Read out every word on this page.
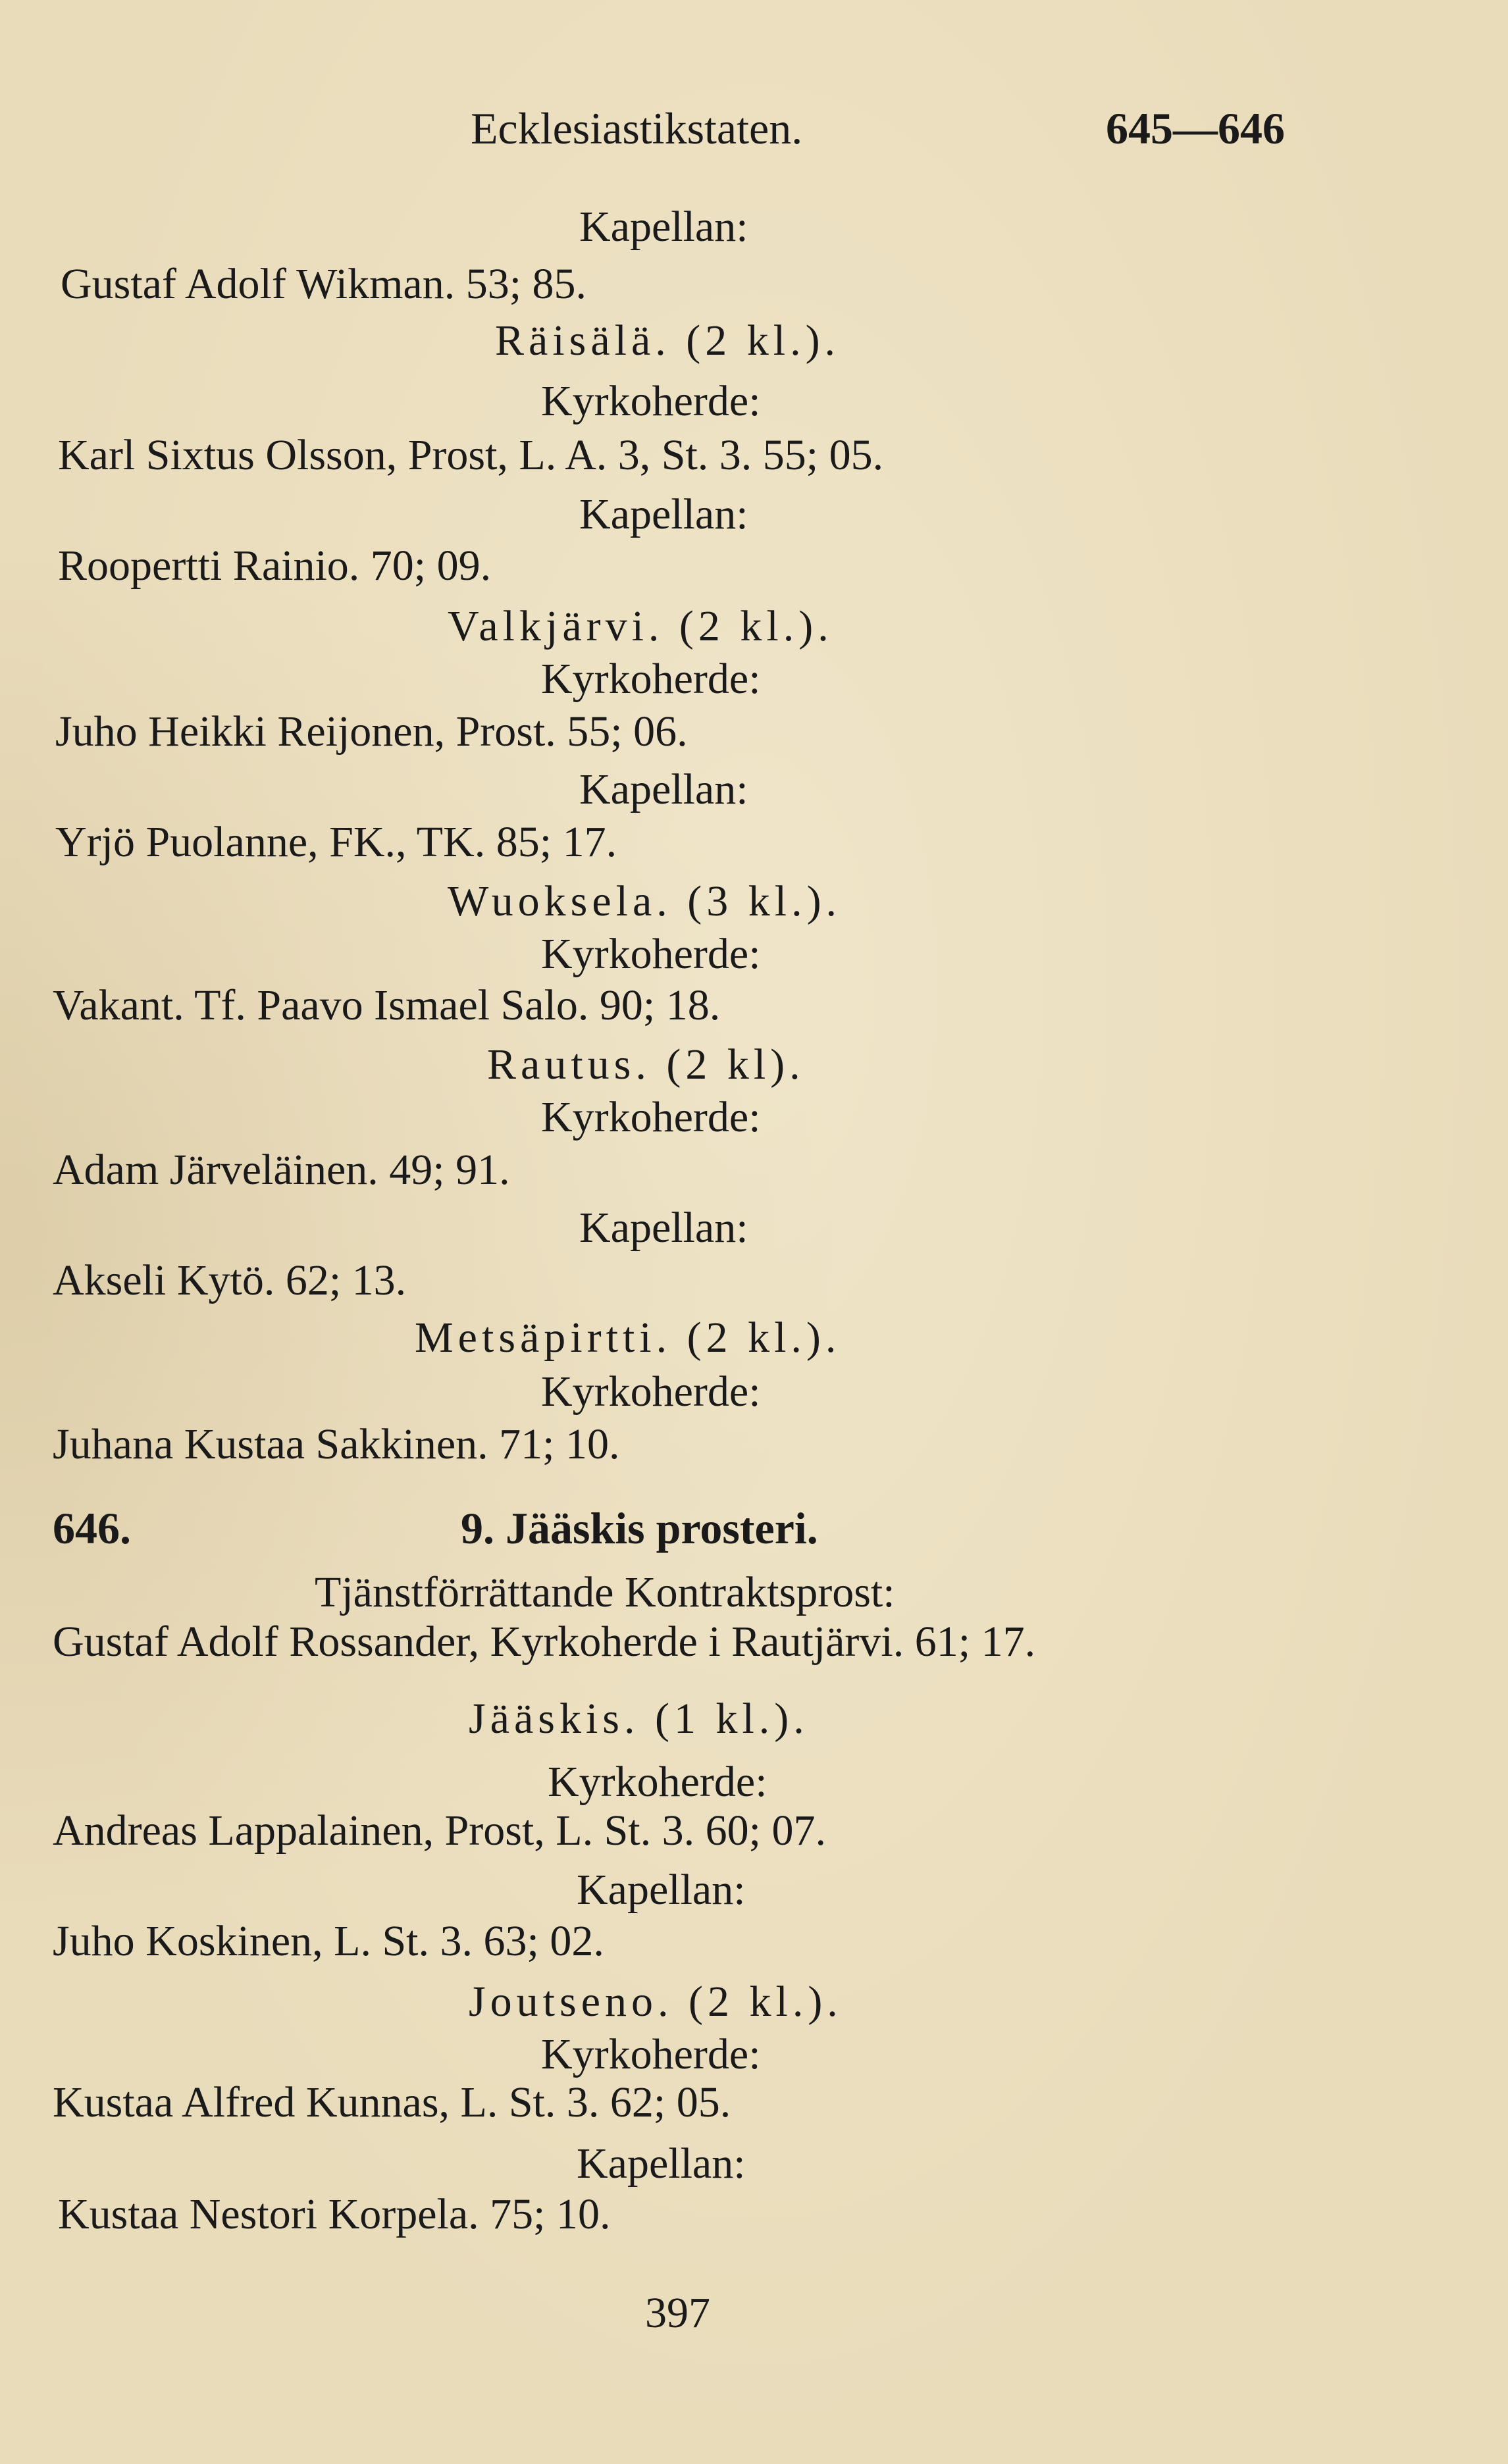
Ecklesiastikstaten.	645—646
Kapellan:
Gustaf Adolf Wikman. 53; 85.
Räisälä. (2 kl.).
Kyrkoherde:
Karl Sixtus Olsson, Prost, L. A. 3, St. 3. 55; 05.
Kapellan:
Roopertti Rainio. 70; 09.
Valkjärvi. (2 kl.).
Kyrkoherde:
Juho Heikki Reijonen, Prost. 55; 06.
Kapellan:
Yrjö Puolanne, FK., TK. 85; 17.
Wuoksela. (3 kl.).
Kyrkoherde:
Vakant. Tf. Paavo Ismael Salo. 90; 18.
Rautus. (2 kl).
Kyrkoherde:
Adam Järveläinen. 49; 91.
Kapellan:
Akseli Kytö. 62; 13.
Metsäpirtti. (2 kl.).
Kyrkoherde:
Juhana Kustaa Sakkinen. 71; 10.
646.	9. Jääskis prosteri.
Tjänstförrättande Kontraktsprost:
Gustaf Adolf Rossander, Kyrkoherde i Rautjärvi. 61; 17.
Jääskis. (1 kl.).
Kyrkoherde:
Andreas Lappalainen, Prost, L. St. 3. 60; 07.
Kapellan:
Juho Koskinen, L. St. 3. 63; 02.
Joutseno. (2 kl.).
Kyrkoherde:
Kustaa Alfred Kunnas, L. St. 3. 62; 05.
Kapellan:
Kustaa Nestori Korpela. 75; 10.
397
